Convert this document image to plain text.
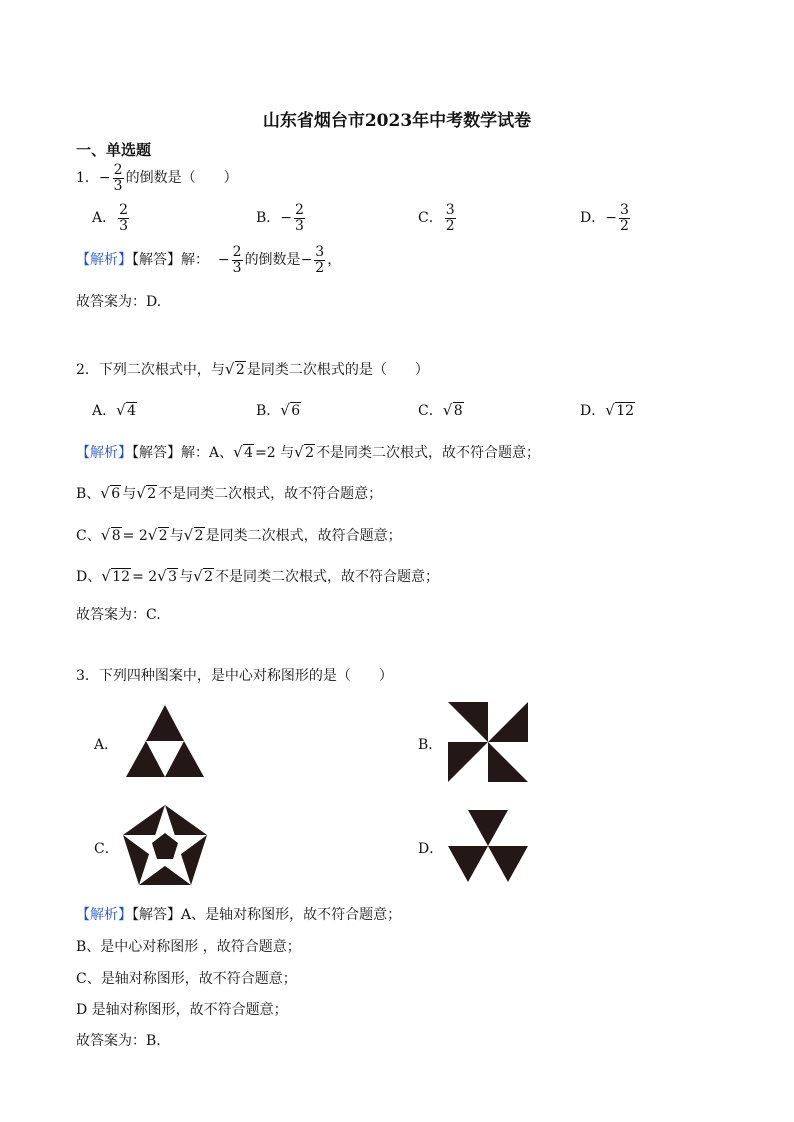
山东省烟台市2023年中考数学试卷
一、单选题
1．− $\frac{2}{3}$ 的倒数是（　　）
A． $\frac{2}{3}$	B．− $\frac{2}{3}$	C． $\frac{3}{2}$	D．− $\frac{3}{2}$
【解析】【解答】解： − $\frac{2}{3}$ 的倒数是− $\frac{3}{2}$ ，
故答案为：D.
2．下列二次根式中，与 √ 2 是同类二次根式的是（　　）
A． √ 4	B． √ 6	C． √ 8	D． √ 12
【解析】【解答】解：A、 √ 4 =2 与 √ 2 不是同类二次根式，故不符合题意；
B、 √ 6 与 √ 2 不是同类二次根式，故不符合题意；
C、 √ 8 = 2 √ 2 与 √ 2 是同类二次根式，故符合题意；
D、 √ 12 = 2 √ 3 与 √ 2 不是同类二次根式，故不符合题意；
故答案为：C.
3．下列四种图案中，是中心对称图形的是（　　）
A．	B．
C．	D．
【解析】【解答】A、是轴对称图形，故不符合题意；
B、是中心对称图形 ，故符合题意；
C、是轴对称图形，故不符合题意；
D 是轴对称图形，故不符合题意；
故答案为：B.
